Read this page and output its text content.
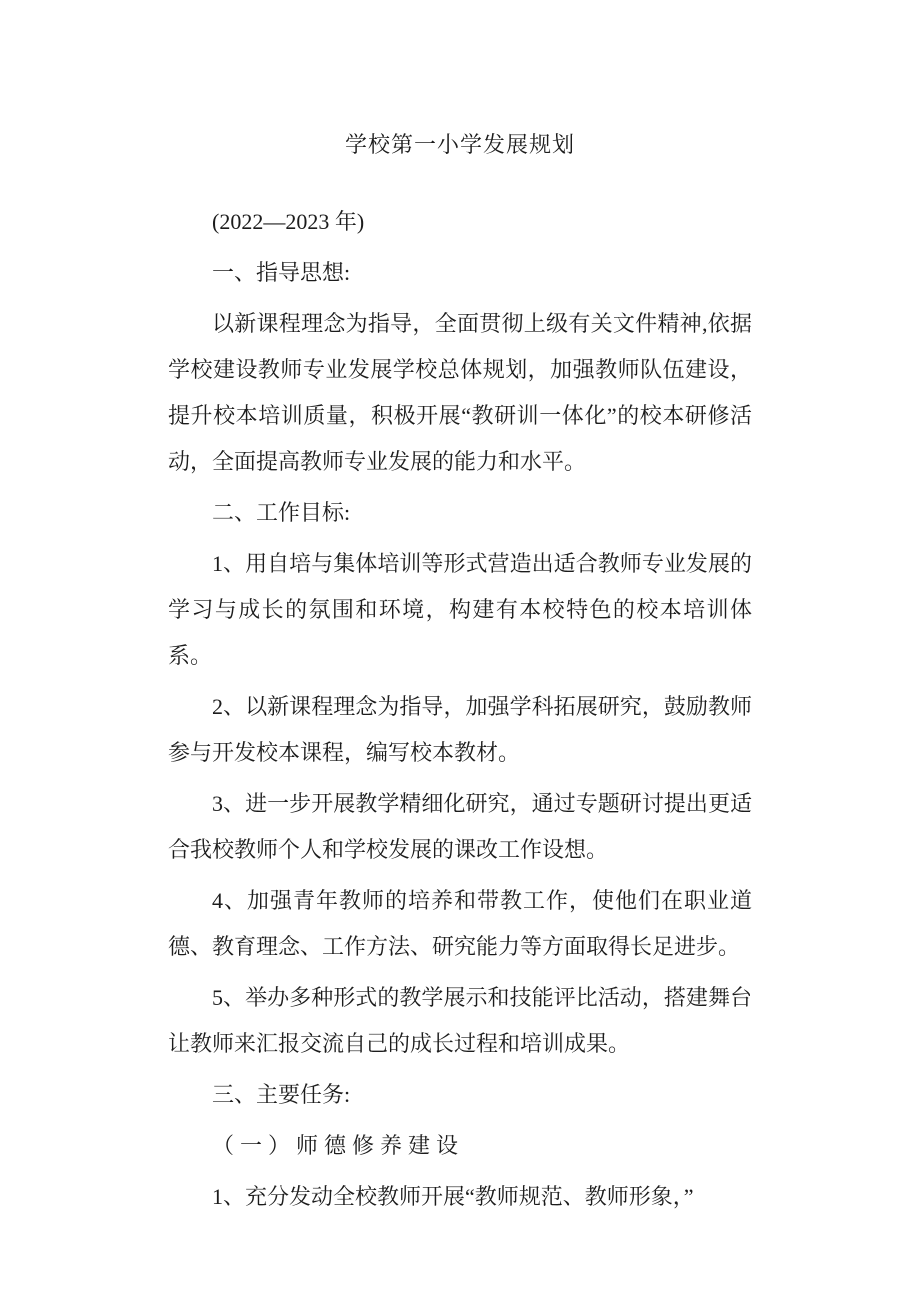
学校第一小学发展规划

(2022—2023 年)

一、指导思想:

以新课程理念为指导，全面贯彻上级有关文件精神,依据学校建设教师专业发展学校总体规划，加强教师队伍建设，提升校本培训质量，积极开展“教研训一体化”的校本研修活动，全面提高教师专业发展的能力和水平。

二、工作目标:

1、用自培与集体培训等形式营造出适合教师专业发展的学习与成长的氛围和环境，构建有本校特色的校本培训体系。

2、以新课程理念为指导，加强学科拓展研究，鼓励教师参与开发校本课程，编写校本教材。

3、进一步开展教学精细化研究，通过专题研讨提出更适合我校教师个人和学校发展的课改工作设想。

4、加强青年教师的培养和带教工作，使他们在职业道德、教育理念、工作方法、研究能力等方面取得长足进步。

5、举办多种形式的教学展示和技能评比活动，搭建舞台让教师来汇报交流自己的成长过程和培训成果。

三、主要任务:

（一）师德修养建设

1、充分发动全校教师开展“教师规范、教师形象，”
